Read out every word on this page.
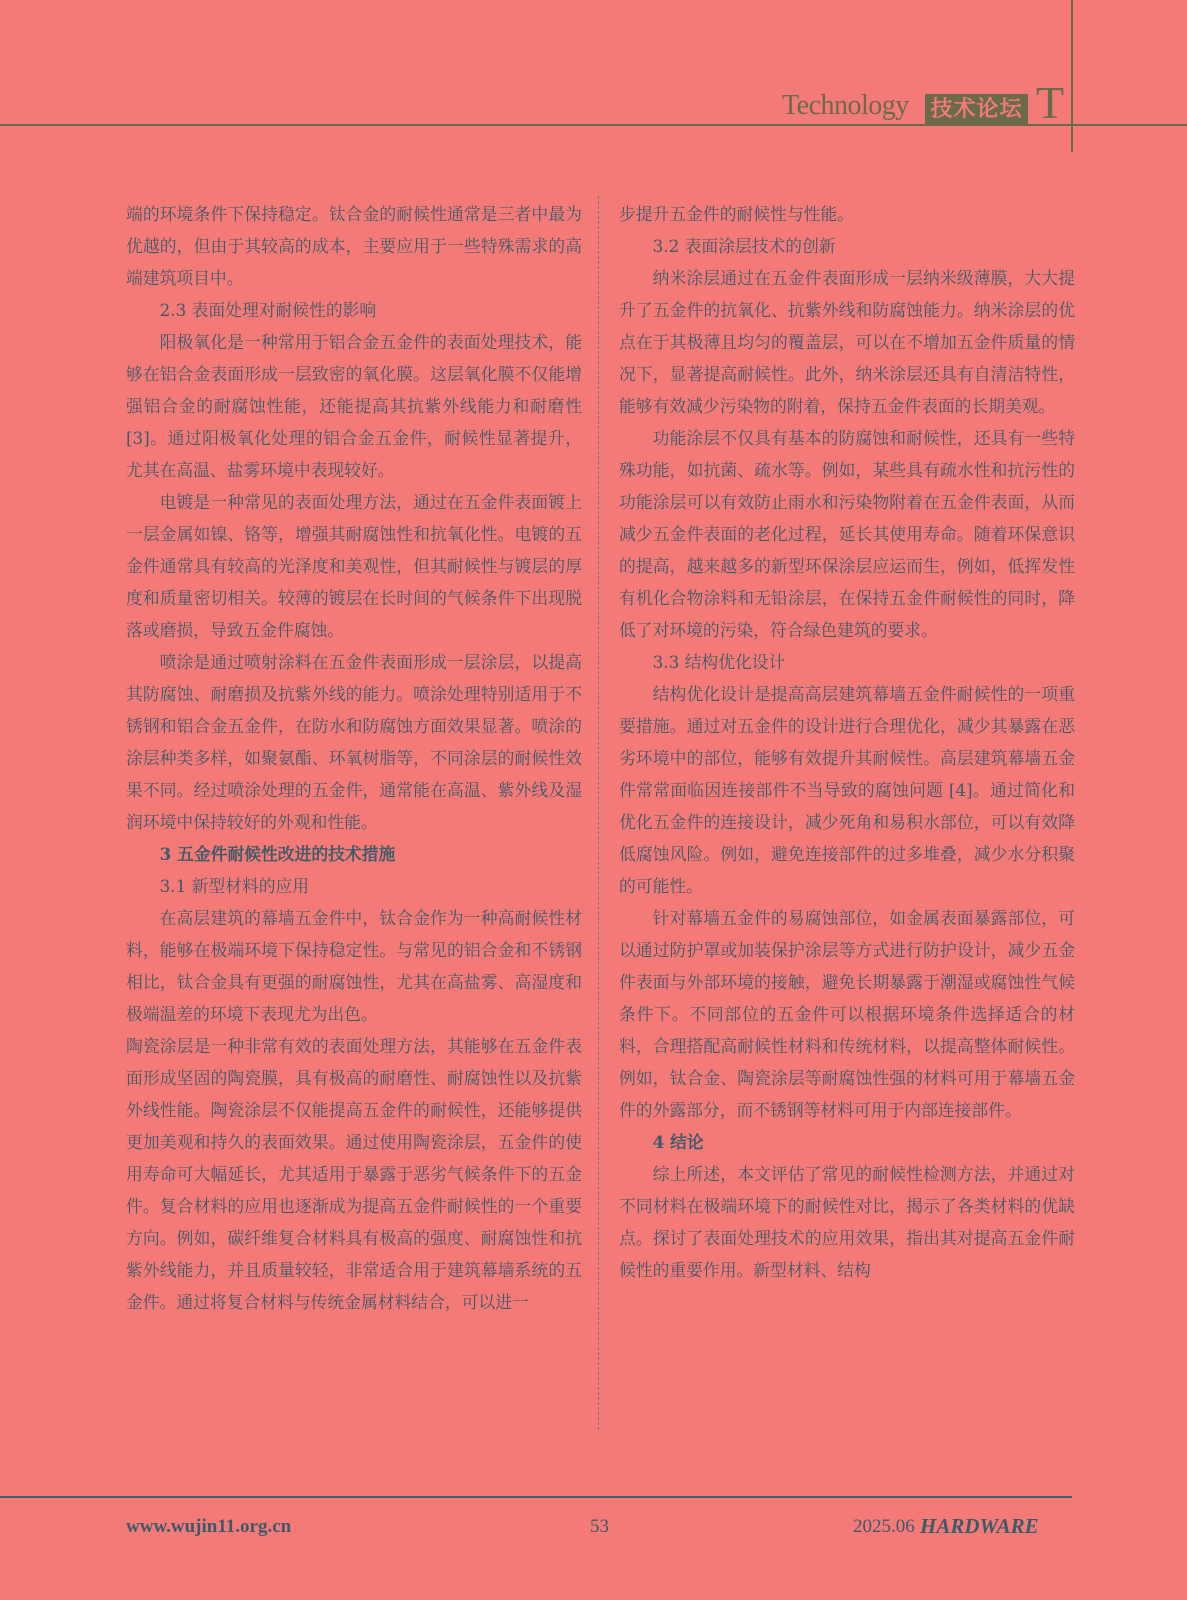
Technology 技术论坛 T

端的环境条件下保持稳定。钛合金的耐候性通常是三者中最为优越的，但由于其较高的成本，主要应用于一些特殊需求的高端建筑项目中。

2.3 表面处理对耐候性的影响

阳极氧化是一种常用于铝合金五金件的表面处理技术，能够在铝合金表面形成一层致密的氧化膜。这层氧化膜不仅能增强铝合金的耐腐蚀性能，还能提高其抗紫外线能力和耐磨性 [3]。通过阳极氧化处理的铝合金五金件，耐候性显著提升，尤其在高温、盐雾环境中表现较好。

电镀是一种常见的表面处理方法，通过在五金件表面镀上一层金属如镍、铬等，增强其耐腐蚀性和抗氧化性。电镀的五金件通常具有较高的光泽度和美观性，但其耐候性与镀层的厚度和质量密切相关。较薄的镀层在长时间的气候条件下出现脱落或磨损，导致五金件腐蚀。

喷涂是通过喷射涂料在五金件表面形成一层涂层，以提高其防腐蚀、耐磨损及抗紫外线的能力。喷涂处理特别适用于不锈钢和铝合金五金件，在防水和防腐蚀方面效果显著。喷涂的涂层种类多样，如聚氨酯、环氧树脂等，不同涂层的耐候性效果不同。经过喷涂处理的五金件，通常能在高温、紫外线及湿润环境中保持较好的外观和性能。

3 五金件耐候性改进的技术措施

3.1 新型材料的应用

在高层建筑的幕墙五金件中，钛合金作为一种高耐候性材料，能够在极端环境下保持稳定性。与常见的铝合金和不锈钢相比，钛合金具有更强的耐腐蚀性，尤其在高盐雾、高湿度和极端温差的环境下表现尤为出色。

陶瓷涂层是一种非常有效的表面处理方法，其能够在五金件表面形成坚固的陶瓷膜，具有极高的耐磨性、耐腐蚀性以及抗紫外线性能。陶瓷涂层不仅能提高五金件的耐候性，还能够提供更加美观和持久的表面效果。通过使用陶瓷涂层，五金件的使用寿命可大幅延长，尤其适用于暴露于恶劣气候条件下的五金件。复合材料的应用也逐渐成为提高五金件耐候性的一个重要方向。例如，碳纤维复合材料具有极高的强度、耐腐蚀性和抗紫外线能力，并且质量较轻，非常适合用于建筑幕墙系统的五金件。通过将复合材料与传统金属材料结合，可以进一

步提升五金件的耐候性与性能。

3.2 表面涂层技术的创新

纳米涂层通过在五金件表面形成一层纳米级薄膜，大大提升了五金件的抗氧化、抗紫外线和防腐蚀能力。纳米涂层的优点在于其极薄且均匀的覆盖层，可以在不增加五金件质量的情况下，显著提高耐候性。此外，纳米涂层还具有自清洁特性，能够有效减少污染物的附着，保持五金件表面的长期美观。

功能涂层不仅具有基本的防腐蚀和耐候性，还具有一些特殊功能，如抗菌、疏水等。例如，某些具有疏水性和抗污性的功能涂层可以有效防止雨水和污染物附着在五金件表面，从而减少五金件表面的老化过程，延长其使用寿命。随着环保意识的提高，越来越多的新型环保涂层应运而生，例如，低挥发性有机化合物涂料和无铅涂层，在保持五金件耐候性的同时，降低了对环境的污染，符合绿色建筑的要求。

3.3 结构优化设计

结构优化设计是提高高层建筑幕墙五金件耐候性的一项重要措施。通过对五金件的设计进行合理优化，减少其暴露在恶劣环境中的部位，能够有效提升其耐候性。高层建筑幕墙五金件常常面临因连接部件不当导致的腐蚀问题 [4]。通过简化和优化五金件的连接设计，减少死角和易积水部位，可以有效降低腐蚀风险。例如，避免连接部件的过多堆叠，减少水分积聚的可能性。

针对幕墙五金件的易腐蚀部位，如金属表面暴露部位，可以通过防护罩或加装保护涂层等方式进行防护设计，减少五金件表面与外部环境的接触，避免长期暴露于潮湿或腐蚀性气候条件下。不同部位的五金件可以根据环境条件选择适合的材料，合理搭配高耐候性材料和传统材料，以提高整体耐候性。例如，钛合金、陶瓷涂层等耐腐蚀性强的材料可用于幕墙五金件的外露部分，而不锈钢等材料可用于内部连接部件。

4 结论

综上所述，本文评估了常见的耐候性检测方法，并通过对不同材料在极端环境下的耐候性对比，揭示了各类材料的优缺点。探讨了表面处理技术的应用效果，指出其对提高五金件耐候性的重要作用。新型材料、结构

www.wujin11.org.cn	53	2025.06 HARDWARE
